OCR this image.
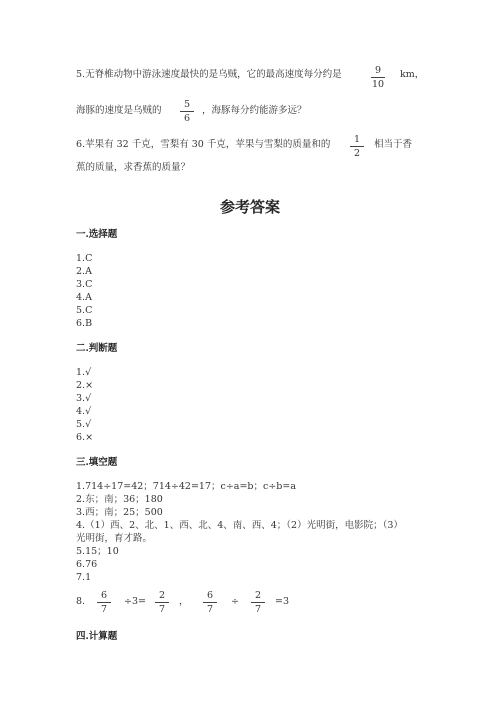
5.无脊椎动物中游泳速度最快的是乌贼，它的最高速度每分约是	9
10
km，
海豚的速度是乌贼的
5
6
，海豚每分约能游多远？
6.苹果有 32 千克，雪梨有 30 千克，苹果与雪梨的质量和的	1
2
相当于香
蕉的质量，求香蕉的质量？
参考答案
一.选择题
1.C
2.A
3.C
4.A
5.C
6.B
二.判断题
1.√
2.×
3.√
4.√
5.√
6.×
三.填空题
1.714÷17=42；714÷42=17；c÷a=b；c÷b=a
2.东；南；36；180
3.西；南；25；500
4.（1）西、2、北、1、西、北、4、南、西、4；（2）光明街，电影院；（3）
光明街，育才路。
5.15；10
6.76
7.1
8.
6
7
÷3=
2
7
，
6
7
÷
2
7
=3
四.计算题
